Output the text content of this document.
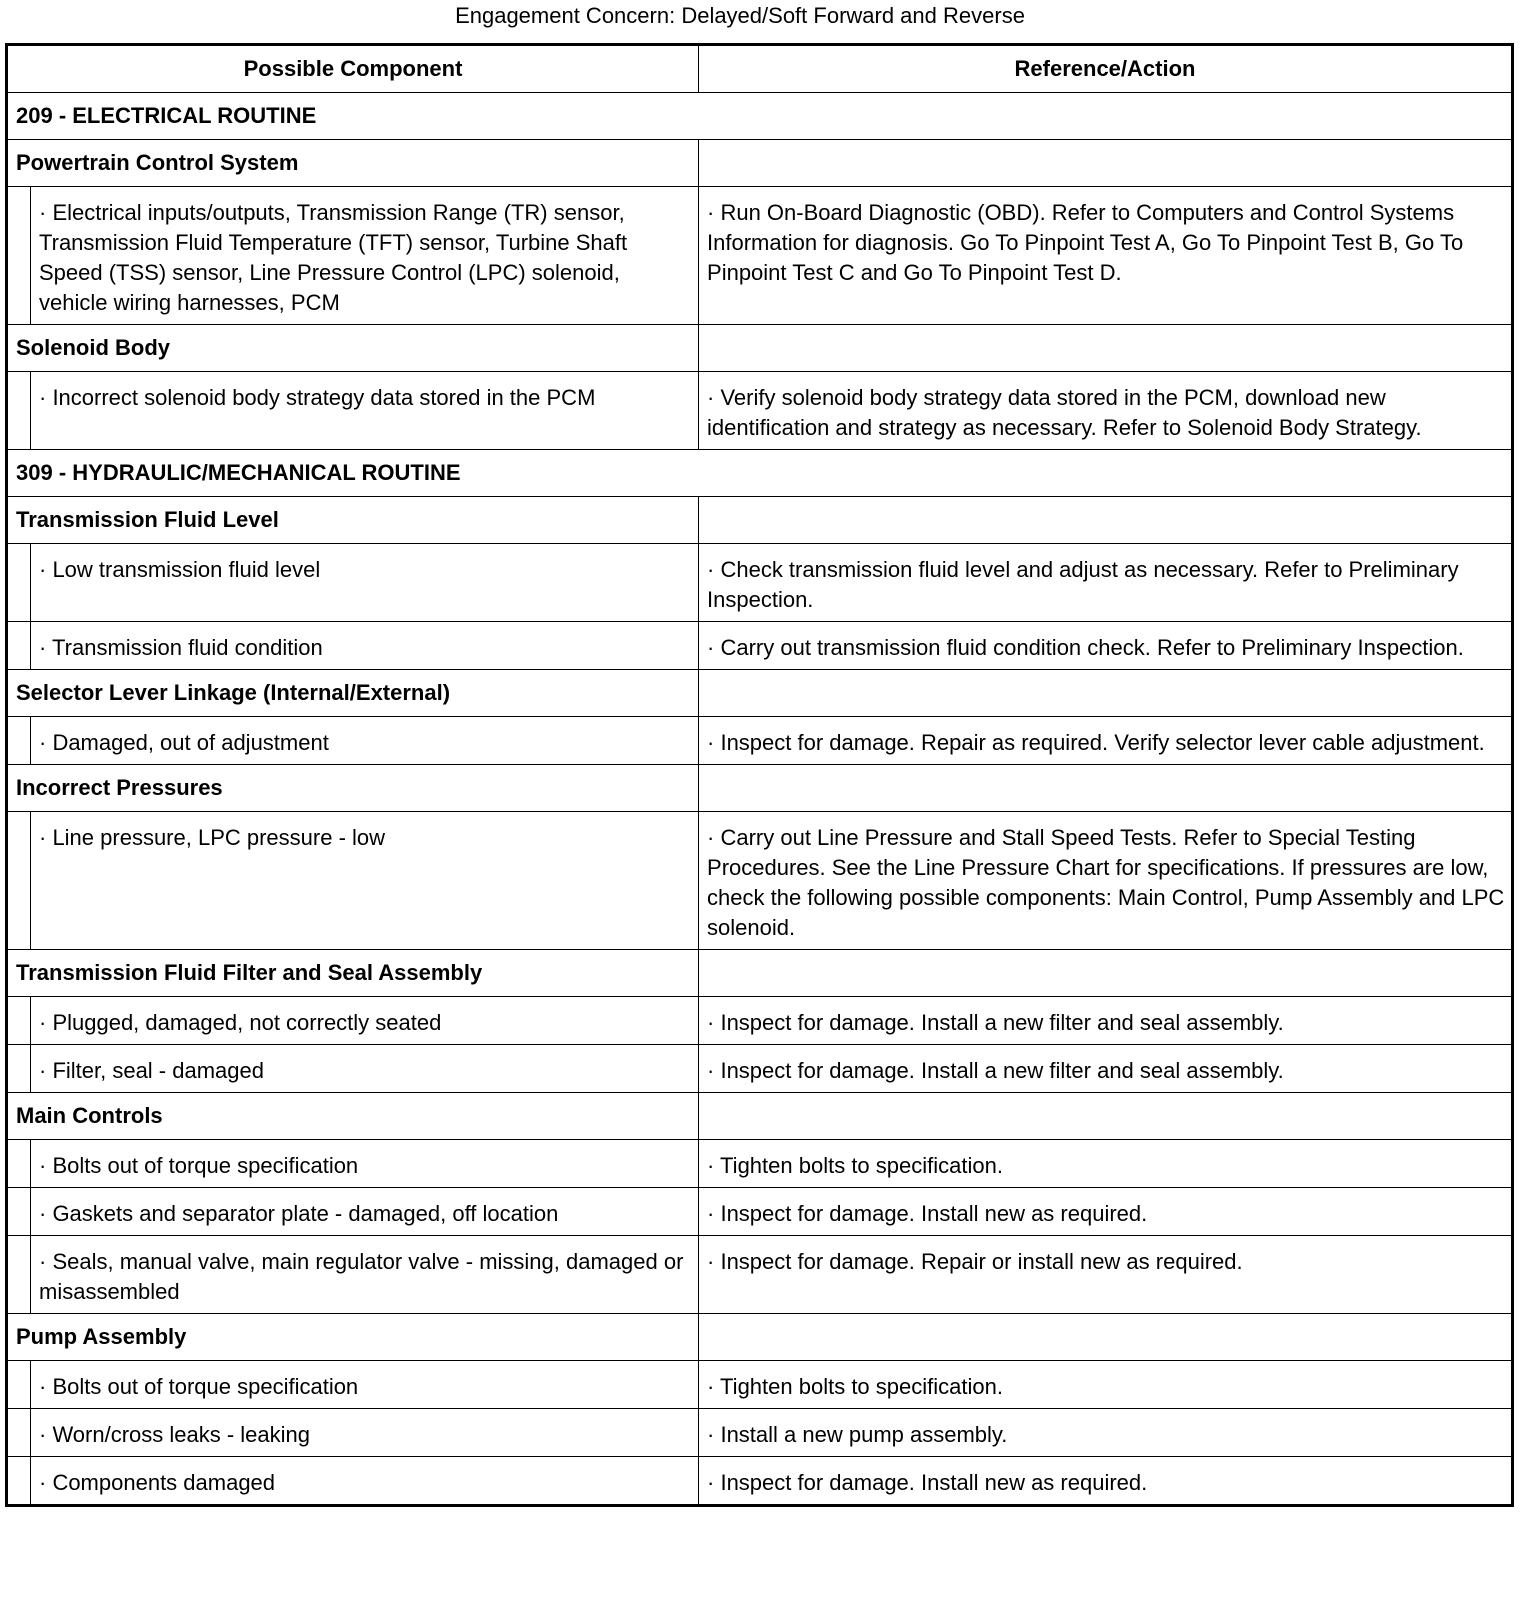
Engagement Concern: Delayed/Soft Forward and Reverse
Possible Component		Reference/Action
209 - ELECTRICAL ROUTINE		
Powertrain Control System		
	· Electrical inputs/outputs, Transmission Range (TR) sensor, Transmission Fluid Temperature (TFT) sensor, Turbine Shaft Speed (TSS) sensor, Line Pressure Control (LPC) solenoid, vehicle wiring harnesses, PCM	· Run On-Board Diagnostic (OBD). Refer to Computers and Control Systems Information for diagnosis. Go To Pinpoint Test A, Go To Pinpoint Test B, Go To Pinpoint Test C and Go To Pinpoint Test D.
Solenoid Body		
	· Incorrect solenoid body strategy data stored in the PCM	· Verify solenoid body strategy data stored in the PCM, download new identification and strategy as necessary. Refer to Solenoid Body Strategy.
309 - HYDRAULIC/MECHANICAL ROUTINE		
Transmission Fluid Level		
	· Low transmission fluid level	· Check transmission fluid level and adjust as necessary. Refer to Preliminary Inspection.
	· Transmission fluid condition	· Carry out transmission fluid condition check. Refer to Preliminary Inspection.
Selector Lever Linkage (Internal/External)		
	· Damaged, out of adjustment	· Inspect for damage. Repair as required. Verify selector lever cable adjustment.
Incorrect Pressures		
	· Line pressure, LPC pressure - low	· Carry out Line Pressure and Stall Speed Tests. Refer to Special Testing Procedures. See the Line Pressure Chart for specifications. If pressures are low, check the following possible components: Main Control, Pump Assembly and LPC solenoid.
Transmission Fluid Filter and Seal Assembly		
	· Plugged, damaged, not correctly seated	· Inspect for damage. Install a new filter and seal assembly.
	· Filter, seal - damaged	· Inspect for damage. Install a new filter and seal assembly.
Main Controls		
	· Bolts out of torque specification	· Tighten bolts to specification.
	· Gaskets and separator plate - damaged, off location	· Inspect for damage. Install new as required.
	· Seals, manual valve, main regulator valve - missing, damaged or misassembled	· Inspect for damage. Repair or install new as required.
Pump Assembly		
	· Bolts out of torque specification	· Tighten bolts to specification.
	· Worn/cross leaks - leaking	· Install a new pump assembly.
	· Components damaged	· Inspect for damage. Install new as required.
